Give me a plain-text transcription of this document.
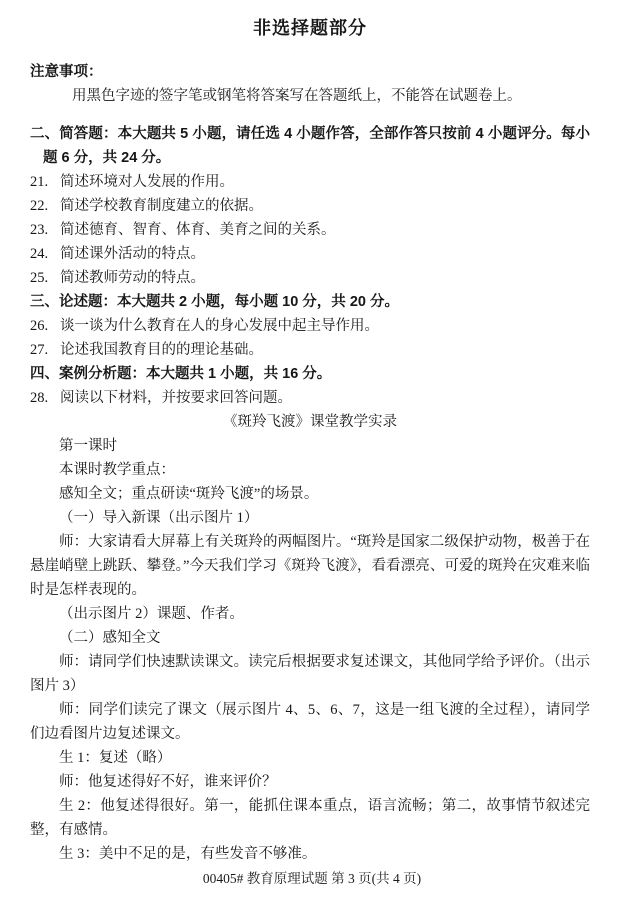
非选择题部分

注意事项：

用黑色字迹的签字笔或钢笔将答案写在答题纸上，不能答在试题卷上。

二、简答题：本大题共 5 小题，请任选 4 小题作答，全部作答只按前 4 小题评分。每小题 6 分，共 24 分。

21. 简述环境对人发展的作用。

22. 简述学校教育制度建立的依据。

23. 简述德育、智育、体育、美育之间的关系。

24. 简述课外活动的特点。

25. 简述教师劳动的特点。

三、论述题：本大题共 2 小题，每小题 10 分，共 20 分。

26. 谈一谈为什么教育在人的身心发展中起主导作用。

27. 论述我国教育目的的理论基础。

四、案例分析题：本大题共 1 小题，共 16 分。

28. 阅读以下材料，并按要求回答问题。

《斑羚飞渡》课堂教学实录

第一课时

本课时教学重点：

感知全文；重点研读“斑羚飞渡”的场景。

（一）导入新课（出示图片 1）

师：大家请看大屏幕上有关斑羚的两幅图片。“斑羚是国家二级保护动物，极善于在悬崖峭壁上跳跃、攀登。”今天我们学习《斑羚飞渡》，看看漂亮、可爱的斑羚在灾难来临时是怎样表现的。

（出示图片 2）课题、作者。

（二）感知全文

师：请同学们快速默读课文。读完后根据要求复述课文，其他同学给予评价。（出示图片 3）

师：同学们读完了课文（展示图片 4、5、6、7，这是一组飞渡的全过程），请同学们边看图片边复述课文。

生 1：复述（略）

师：他复述得好不好，谁来评价？

生 2：他复述得很好。第一，能抓住课本重点，语言流畅；第二，故事情节叙述完整，有感情。

生 3：美中不足的是，有些发音不够准。

00405# 教育原理试题 第 3 页(共 4 页)
